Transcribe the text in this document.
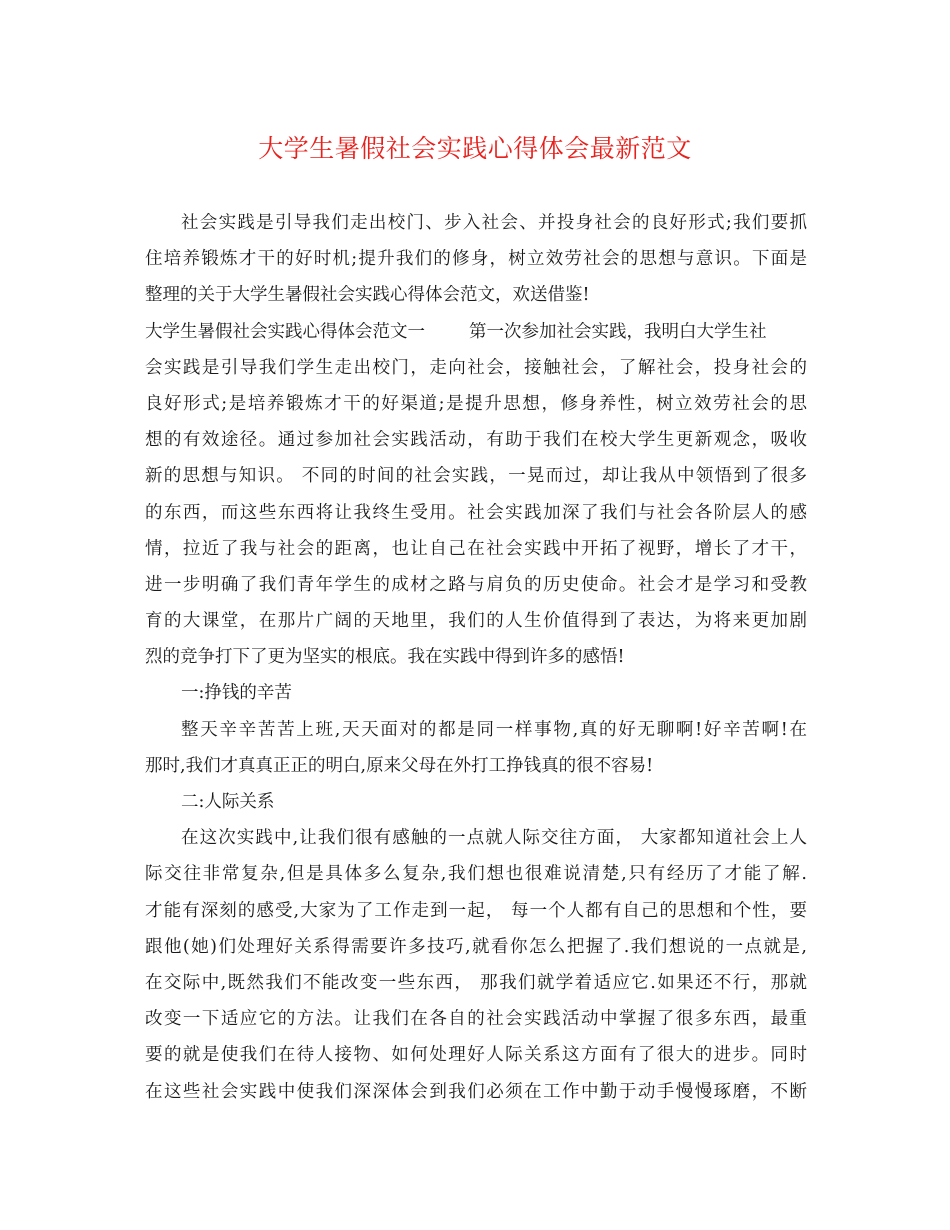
大学生暑假社会实践心得体会最新范文
社会实践是引导我们走出校门、步入社会、并投身社会的良好形式;我们要抓
住培养锻炼才干的好时机;提升我们的修身，树立效劳社会的思想与意识。下面是
整理的关于大学生暑假社会实践心得体会范文，欢送借鉴!
大学生暑假社会实践心得体会范文一	第一次参加社会实践，我明白大学生社
会实践是引导我们学生走出校门，走向社会，接触社会，了解社会，投身社会的
良好形式;是培养锻炼才干的好渠道;是提升思想，修身养性，树立效劳社会的思
想的有效途径。通过参加社会实践活动，有助于我们在校大学生更新观念，吸收
新的思想与知识。 不同的时间的社会实践，一晃而过，却让我从中领悟到了很多
的东西，而这些东西将让我终生受用。社会实践加深了我们与社会各阶层人的感
情，拉近了我与社会的距离，也让自己在社会实践中开拓了视野，增长了才干，
进一步明确了我们青年学生的成材之路与肩负的历史使命。社会才是学习和受教
育的大课堂，在那片广阔的天地里，我们的人生价值得到了表达，为将来更加剧
烈的竞争打下了更为坚实的根底。我在实践中得到许多的感悟!
一:挣钱的辛苦
整天辛辛苦苦上班,天天面对的都是同一样事物,真的好无聊啊!好辛苦啊!在
那时,我们才真真正正的明白,原来父母在外打工挣钱真的很不容易!
二:人际关系
在这次实践中,让我们很有感触的一点就人际交往方面， 大家都知道社会上人
际交往非常复杂,但是具体多么复杂,我们想也很难说清楚,只有经历了才能了解.
才能有深刻的感受,大家为了工作走到一起， 每一个人都有自己的思想和个性，要
跟他(她)们处理好关系得需要许多技巧,就看你怎么把握了.我们想说的一点就是,
在交际中,既然我们不能改变一些东西， 那我们就学着适应它.如果还不行，那就
改变一下适应它的方法。让我们在各自的社会实践活动中掌握了很多东西，最重
要的就是使我们在待人接物、如何处理好人际关系这方面有了很大的进步。同时
在这些社会实践中使我们深深体会到我们必须在工作中勤于动手慢慢琢磨，不断
